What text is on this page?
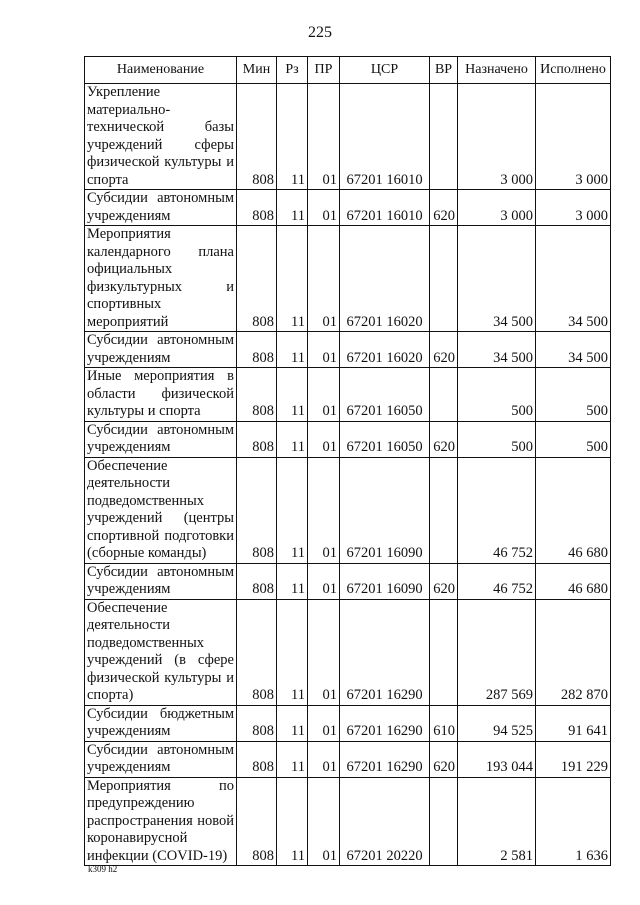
225
Наименование	Мин	Рз	ПР	ЦСР	ВР	Назначено	Исполнено
Укрепление материально-технической базы учреждений сферы физической культуры и спорта	808	11	01	67201 16010		3 000	3 000
Субсидии автономным учреждениям	808	11	01	67201 16010	620	3 000	3 000
Мероприятия календарного плана официальных физкультурных и спортивных мероприятий	808	11	01	67201 16020		34 500	34 500
Субсидии автономным учреждениям	808	11	01	67201 16020	620	34 500	34 500
Иные мероприятия в области физической культуры и спорта	808	11	01	67201 16050		500	500
Субсидии автономным учреждениям	808	11	01	67201 16050	620	500	500
Обеспечение деятельности подведомственных учреждений (центры спортивной подготовки (сборные команды)	808	11	01	67201 16090		46 752	46 680
Субсидии автономным учреждениям	808	11	01	67201 16090	620	46 752	46 680
Обеспечение деятельности подведомственных учреждений (в сфере физической культуры и спорта)	808	11	01	67201 16290		287 569	282 870
Субсидии бюджетным учреждениям	808	11	01	67201 16290	610	94 525	91 641
Субсидии автономным учреждениям	808	11	01	67201 16290	620	193 044	191 229
Мероприятия по предупреждению распространения новой коронавирусной инфекции (COVID-19)	808	11	01	67201 20220		2 581	1 636
k309 h2
